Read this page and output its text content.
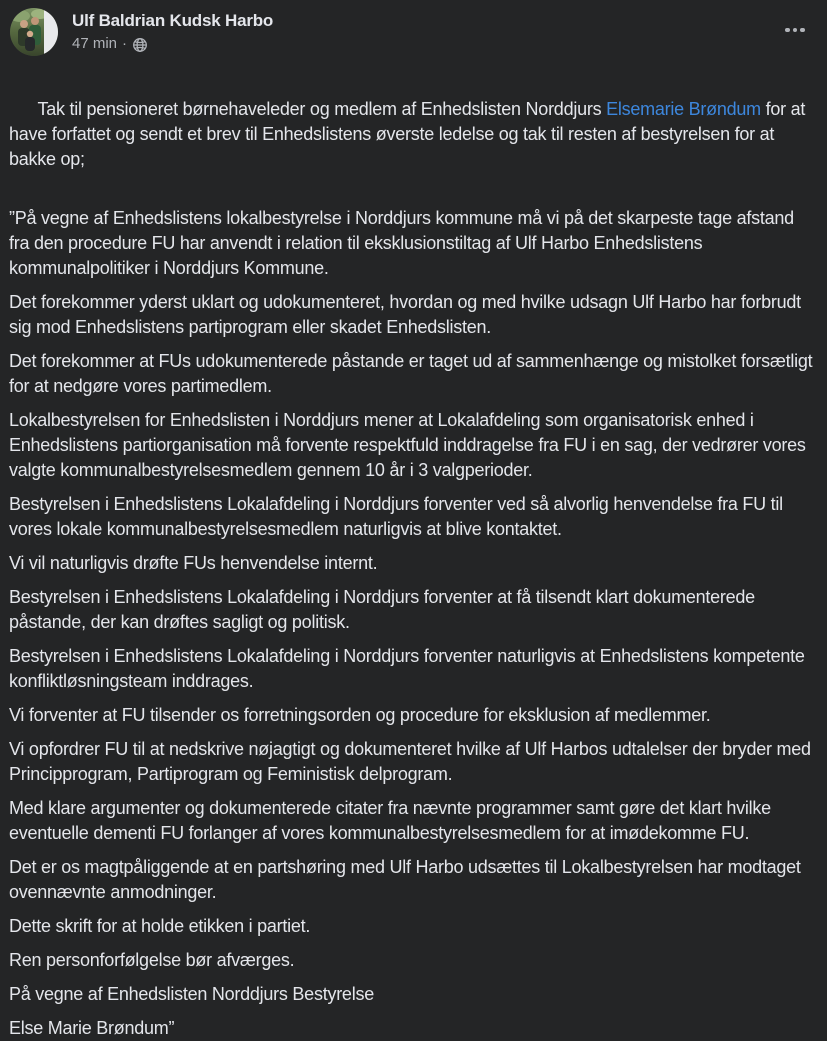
Ulf Baldrian Kudsk Harbo
47 min ·

Tak til pensioneret børnehaveleder og medlem af Enhedslisten Norddjurs Elsemarie Brøndum for at have forfattet og sendt et brev til Enhedslistens øverste ledelse og tak til resten af bestyrelsen for at bakke op;

”På vegne af Enhedslistens lokalbestyrelse i Norddjurs kommune må vi på det skarpeste tage afstand fra den procedure FU har anvendt i relation til eksklusionstiltag af Ulf Harbo Enhedslistens kommunalpolitiker i Norddjurs Kommune.
Det forekommer yderst uklart og udokumenteret, hvordan og med hvilke udsagn Ulf Harbo har forbrudt sig mod Enhedslistens partiprogram eller skadet Enhedslisten.
Det forekommer at FUs udokumenterede påstande er taget ud af sammenhænge og mistolket forsætligt for at nedgøre vores partimedlem.
Lokalbestyrelsen for Enhedslisten i Norddjurs mener at Lokalafdeling som organisatorisk enhed i Enhedslistens partiorganisation må forvente respektfuld inddragelse fra FU i en sag, der vedrører vores valgte kommunalbestyrelsesmedlem gennem 10 år i 3 valgperioder.
Bestyrelsen i Enhedslistens Lokalafdeling i Norddjurs forventer ved så alvorlig henvendelse fra FU til vores lokale kommunalbestyrelsesmedlem naturligvis at blive kontaktet.
Vi vil naturligvis drøfte FUs henvendelse internt.
Bestyrelsen i Enhedslistens Lokalafdeling i Norddjurs forventer at få tilsendt klart dokumenterede påstande, der kan drøftes sagligt og politisk.
Bestyrelsen i Enhedslistens Lokalafdeling i Norddjurs forventer naturligvis at Enhedslistens kompetente konfliktløsningsteam inddrages.
Vi forventer at FU tilsender os forretningsorden og procedure for eksklusion af medlemmer.
Vi opfordrer FU til at nedskrive nøjagtigt og dokumenteret hvilke af Ulf Harbos udtalelser der bryder med Principprogram, Partiprogram og Feministisk delprogram.
Med klare argumenter og dokumenterede citater fra nævnte programmer samt gøre det klart hvilke eventuelle dementi FU forlanger af vores kommunalbestyrelsesmedlem for at imødekomme FU.
Det er os magtpåliggende at en partshøring med Ulf Harbo udsættes til Lokalbestyrelsen har modtaget ovennævnte anmodninger.
Dette skrift for at holde etikken i partiet.
Ren personforfølgelse bør afværges.
På vegne af Enhedslisten Norddjurs Bestyrelse
Else Marie Brøndum”
